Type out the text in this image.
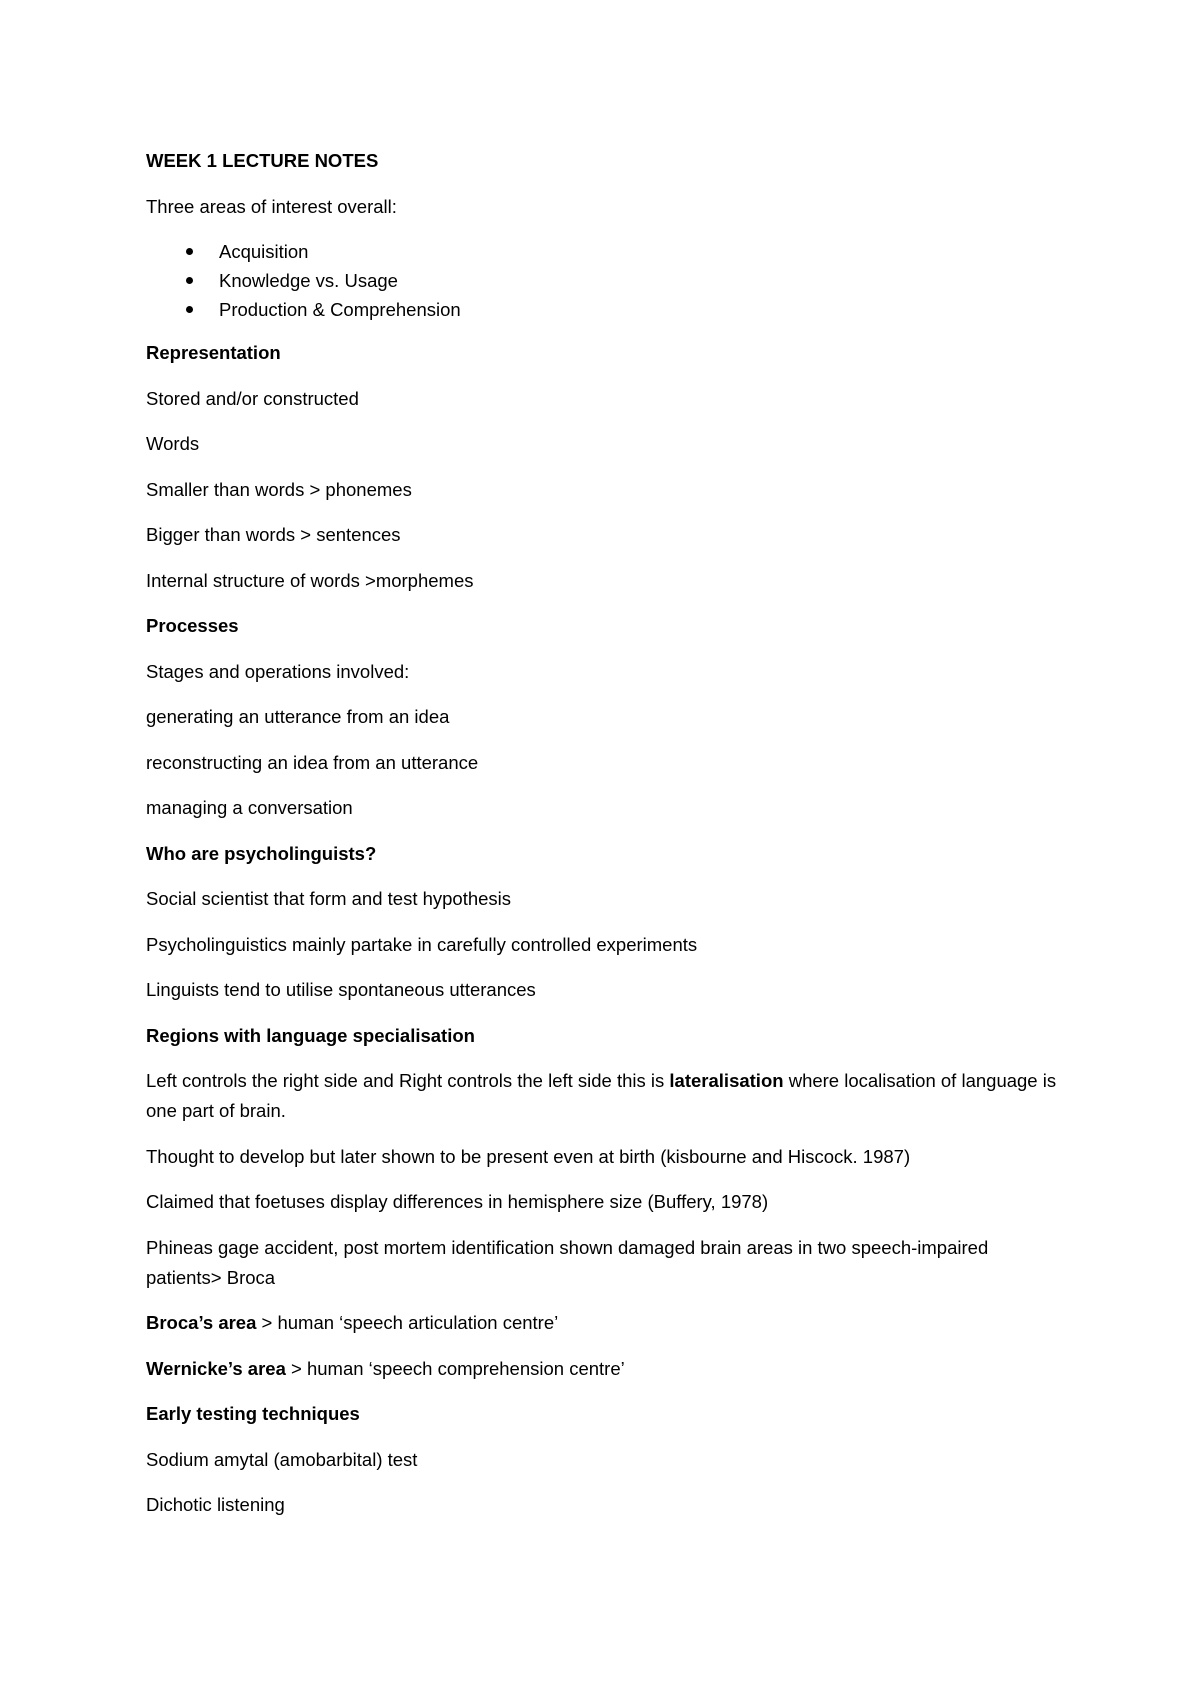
WEEK 1 LECTURE NOTES

Three areas of interest overall:

Acquisition
Knowledge vs. Usage
Production & Comprehension

Representation

Stored and/or constructed

Words

Smaller than words > phonemes

Bigger than words > sentences

Internal structure of words >morphemes

Processes

Stages and operations involved:

generating an utterance from an idea

reconstructing an idea from an utterance

managing a conversation

Who are psycholinguists?

Social scientist that form and test hypothesis

Psycholinguistics mainly partake in carefully controlled experiments

Linguists tend to utilise spontaneous utterances

Regions with language specialisation

Left controls the right side and Right controls the left side this is lateralisation where localisation of language is one part of brain.

Thought to develop but later shown to be present even at birth (kisbourne and Hiscock. 1987)

Claimed that foetuses display differences in hemisphere size (Buffery, 1978)

Phineas gage accident, post mortem identification shown damaged brain areas in two speech-impaired patients> Broca

Broca’s area > human ‘speech articulation centre’

Wernicke’s area > human ‘speech comprehension centre’

Early testing techniques

Sodium amytal (amobarbital) test

Dichotic listening
